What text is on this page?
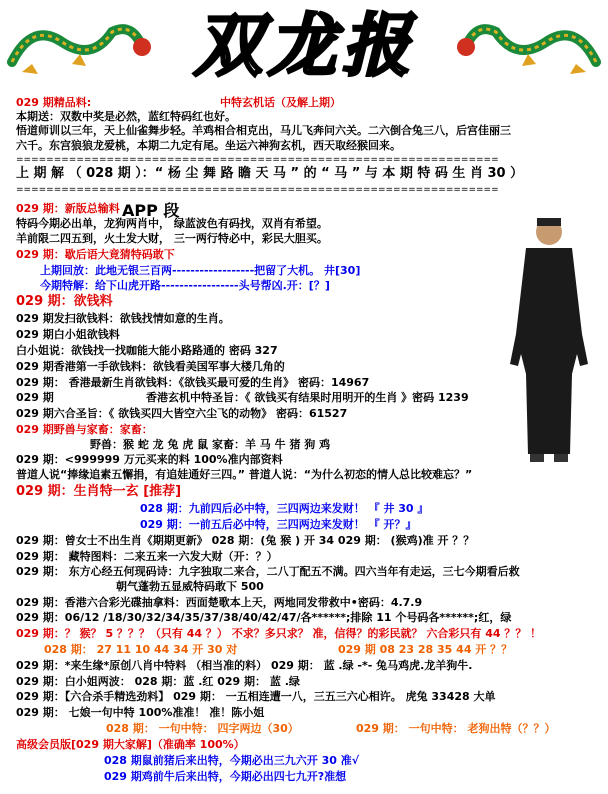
双龙报
APP 段
029 期精品料:	中特玄机话（及解上期）
本期送：双数中奖是必然，蓝红特码红也好。
悟道师训以三年，天上仙雀舞步轻。羊鸡相合相克出，马儿飞奔问六关。二六倒合兔三八，后宫佳丽三
六千。东宫狼狼龙爱桃，本期二九定有尾。坐运六神狗玄机，西天取经猴回来。
================================================================
上 期 解 （ 028 期 ）：“ 杨 尘 舞 路 瞻 天 马 ” 的 “ 马 ” 与 本 期 特 码 生 肖 30 ）
================================================================
029 期：新版总输料
特码今期必出单，龙狗两肖中， 绿蓝波色有码找，双肖有希望。
羊前限二四五到，火土发大财， 三一两行特必中，彩民大胆买。
029 期：歇后语大竟猜特码敢下
上期回放：此地无银三百两------------------把留了大机。 井[30]
今期特解：给下山虎开路-----------------头号帮凶.开：[？]
029 期：欲钱料
029 期发扫欲钱料：欲钱找情如意的生肖。
029 期白小姐欲钱料
白小姐说：欲钱找一找咖能大能小路路通的 密码 327
029 期香港第一手欲钱料：欲钱看美国军事大楼几角的
029 期： 香港最新生肖欲钱料：《欲钱买最可爱的生肖》 密码：14967
029 期	香港玄机中特圣旨：《 欲钱买有结果时用明开的生肖 》密码 1239
029 期六合圣旨：《 欲钱买四大皆空六尘飞的动物》 密码：61527
029 期野兽与家畜：家畜：
野兽：猴 蛇 龙 兔 虎 鼠 家畜：羊 马 牛 猪 狗 鸡
029 期：<999999 万元买来的料 100%准内部资料
普道人说“捧缘追素五懈捐，有追娃通好三四。” 普道人说：“为什么初恋的情人总比较难忘？”
029 期：生肖特一玄 [推荐]
028 期：九前四后必中特，三四两边来发财！ 『 井 30 』
029 期：一前五后必中特，三四两边来发财！ 『 开？』
029 期：曾女士不出生肖《期期更新》 028 期：(兔 猴 ) 开 34 029 期： (猴鸡)准 开 ？？
029 期： 藏特图料：二来五来一六发大财（开：？）
029 期： 东方心经五何现码诗：九字独取二来合，二八丁配五不满。四六当年有走运，三七今期看后救
朝气蓬勃五显威特码敢下 500
029 期：香港六合彩光碟抽拿料：西面楚歌本上天，两地同发带救中•密码：4.7.9
029 期：06/12 /18/30/32/34/35/37/38/40/42/47/各******;排除 11 个号码各******;红，绿
029 期：？ 猴？ 5 ？？？（只有 44 ？） 不求？多只求？ 准，信得？的彩民就？ 六合彩只有 44 ？？ ！
028 期： 27 11 10 44 34 开 30 对	029 期 08 23 28 35 44 开 ？？
029 期：*来生缘*原创八肖中特料 （相当准的料） 029 期： 蓝 .绿 -*- 兔马鸡虎.龙羊狗牛.
029 期：白小姐两波： 028 期：蓝 .红 029 期： 蓝 .绿
029 期：【六合杀手精选劲料】 029 期： 一五相连遭一八，三五三六心相许。 虎兔 33428 大单
029 期： 七娘一句中特 100%准准！ 准！陈小姐
028 期： 一句中特： 四字两边（30）	029 期： 一句中特： 老狗出特（？？）
高级会员版[029 期大家解]（准确率 100%）
028 期鼠前猪后来出特，今期必出三九六开 30 准√
029 期鸡前牛后来出特，今期必出四七九开?准想
